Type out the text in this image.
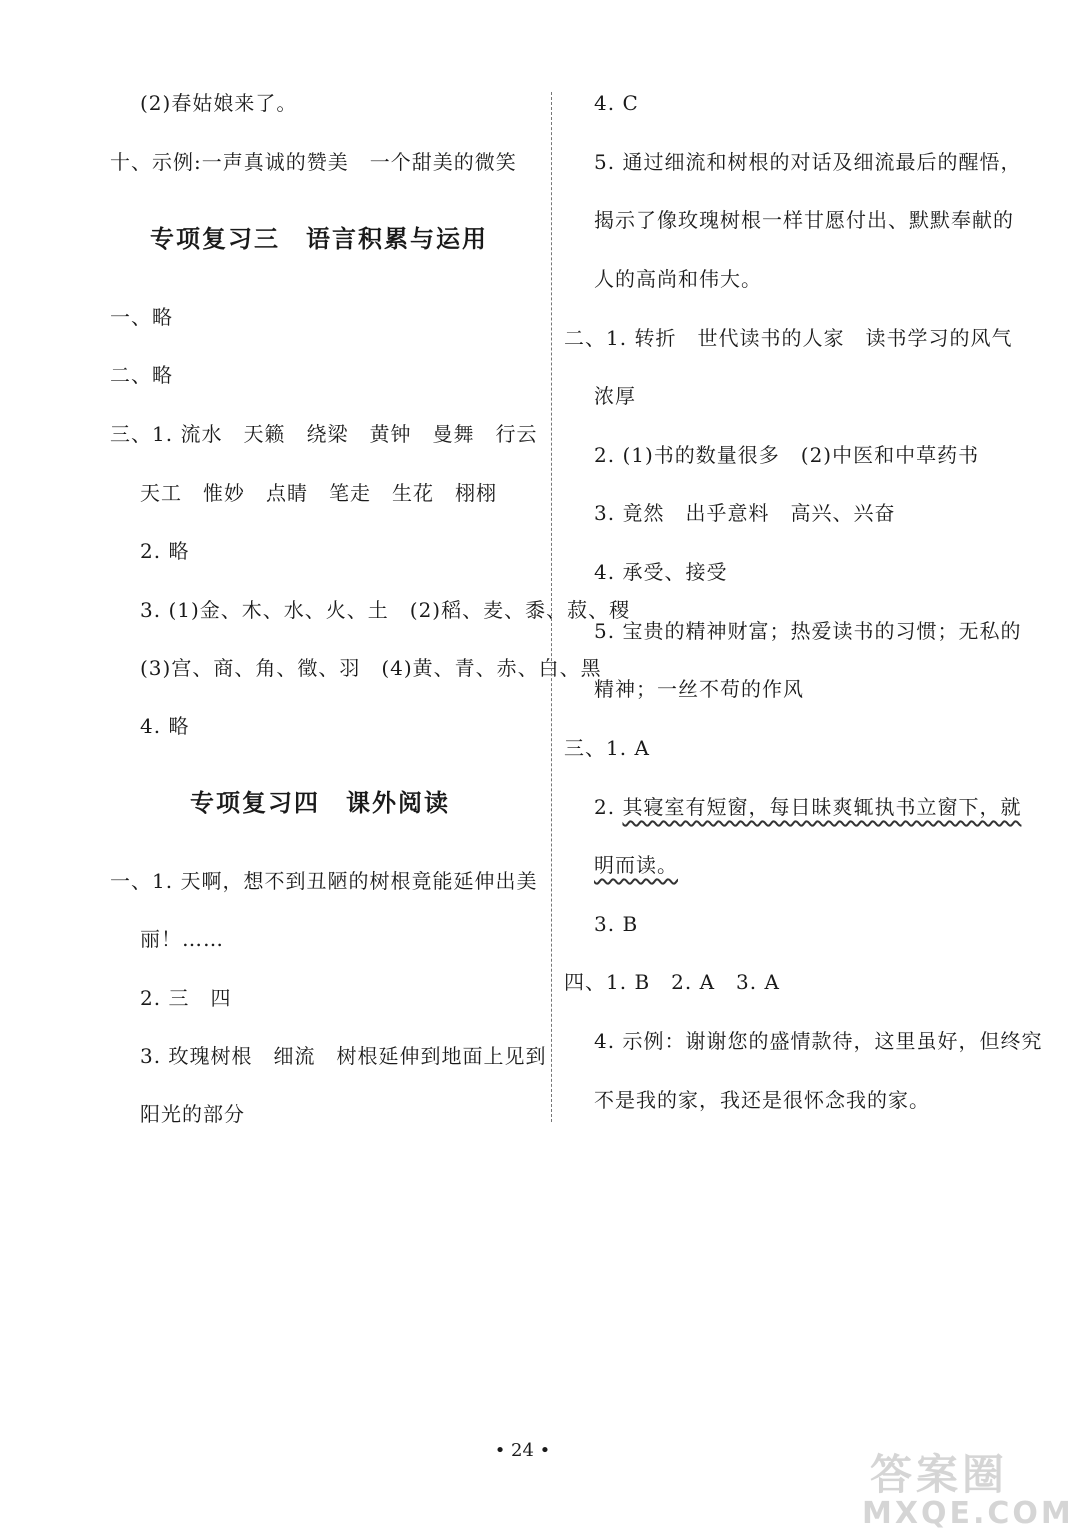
(2)春姑娘来了。
十、示例:一声真诚的赞美　一个甜美的微笑
专项复习三　语言积累与运用
一、略
二、略
三、1. 流水　天籁　绕梁　黄钟　曼舞　行云
天工　惟妙　点睛　笔走　生花　栩栩
2. 略
3. (1)金、木、水、火、土　(2)稻、麦、黍、菽、稷
(3)宫、商、角、徵、羽　(4)黄、青、赤、白、黑
4. 略
专项复习四　课外阅读
一、1. 天啊，想不到丑陋的树根竟能延伸出美
丽！……
2. 三　四
3. 玫瑰树根　细流　树根延伸到地面上见到
阳光的部分
4. C
5. 通过细流和树根的对话及细流最后的醒悟，
揭示了像玫瑰树根一样甘愿付出、默默奉献的
人的高尚和伟大。
二、1. 转折　世代读书的人家　读书学习的风气
浓厚
2. (1)书的数量很多　(2)中医和中草药书
3. 竟然　出乎意料　高兴、兴奋
4. 承受、接受
5. 宝贵的精神财富；热爱读书的习惯；无私的
精神；一丝不苟的作风
三、1. A
2. 其寝室有短窗，每日昧爽辄执书立窗下，就
明而读。
3. B
四、1. B　2. A　3. A
4. 示例：谢谢您的盛情款待，这里虽好，但终究
不是我的家，我还是很怀念我的家。
• 24 •	答案圈
MXQE.COM
